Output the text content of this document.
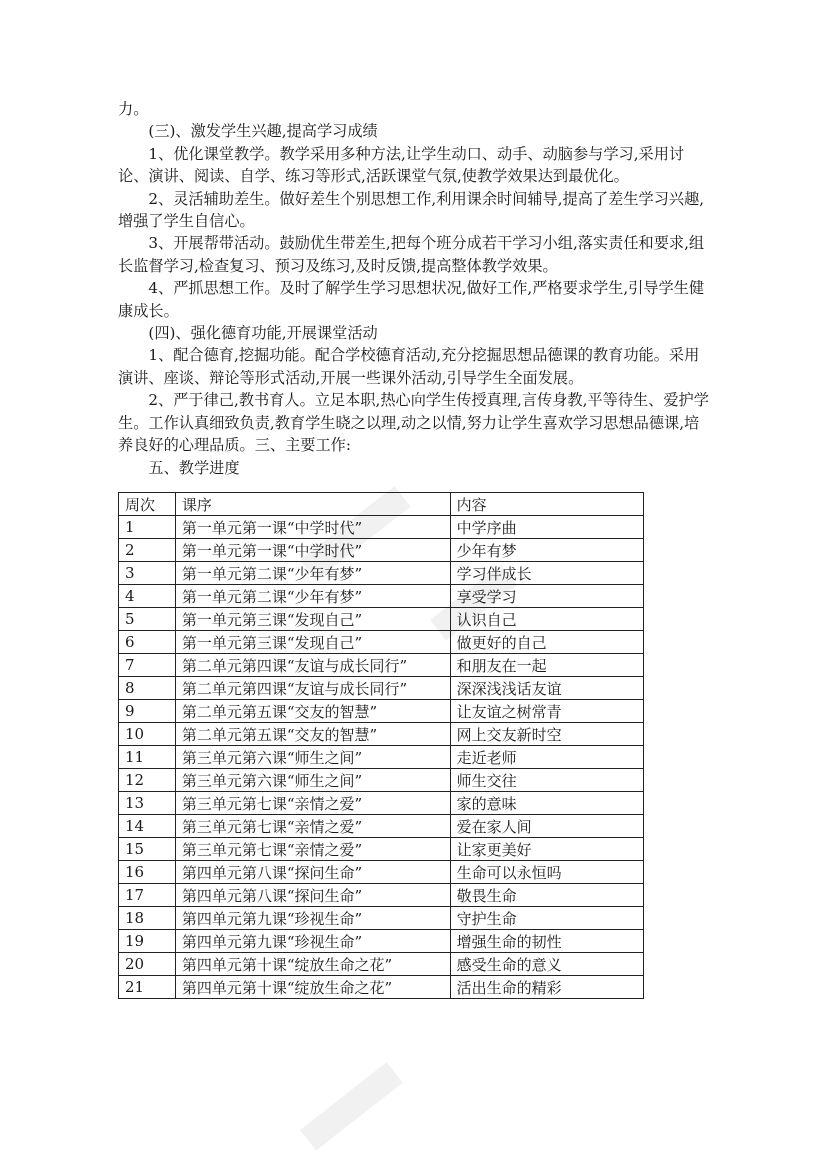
力。

(三)、激发学生兴趣,提高学习成绩

1、优化课堂教学。教学采用多种方法,让学生动口、动手、动脑参与学习,采用讨论、演讲、阅读、自学、练习等形式,活跃课堂气氛,使教学效果达到最优化。

2、灵活辅助差生。做好差生个别思想工作,利用课余时间辅导,提高了差生学习兴趣,增强了学生自信心。

3、开展帮带活动。鼓励优生带差生,把每个班分成若干学习小组,落实责任和要求,组长监督学习,检查复习、预习及练习,及时反馈,提高整体教学效果。

4、严抓思想工作。及时了解学生学习思想状况,做好工作,严格要求学生,引导学生健康成长。

(四)、强化德育功能,开展课堂活动

1、配合德育,挖掘功能。配合学校德育活动,充分挖掘思想品德课的教育功能。采用演讲、座谈、辩论等形式活动,开展一些课外活动,引导学生全面发展。

2、严于律己,教书育人。立足本职,热心向学生传授真理,言传身教,平等待生、爱护学生。工作认真细致负责,教育学生晓之以理,动之以情,努力让学生喜欢学习思想品德课,培养良好的心理品质。三、主要工作:

五、教学进度

周次	课序	内容
1	第一单元第一课“中学时代”	中学序曲
2	第一单元第一课“中学时代”	少年有梦
3	第一单元第二课“少年有梦”	学习伴成长
4	第一单元第二课“少年有梦”	享受学习
5	第一单元第三课“发现自己”	认识自己
6	第一单元第三课“发现自己”	做更好的自己
7	第二单元第四课“友谊与成长同行”	和朋友在一起
8	第二单元第四课“友谊与成长同行”	深深浅浅话友谊
9	第二单元第五课“交友的智慧”	让友谊之树常青
10	第二单元第五课“交友的智慧”	网上交友新时空
11	第三单元第六课“师生之间”	走近老师
12	第三单元第六课“师生之间”	师生交往
13	第三单元第七课“亲情之爱”	家的意味
14	第三单元第七课“亲情之爱”	爱在家人间
15	第三单元第七课“亲情之爱”	让家更美好
16	第四单元第八课“探问生命”	生命可以永恒吗
17	第四单元第八课“探问生命”	敬畏生命
18	第四单元第九课“珍视生命”	守护生命
19	第四单元第九课“珍视生命”	增强生命的韧性
20	第四单元第十课“绽放生命之花”	感受生命的意义
21	第四单元第十课“绽放生命之花”	活出生命的精彩
